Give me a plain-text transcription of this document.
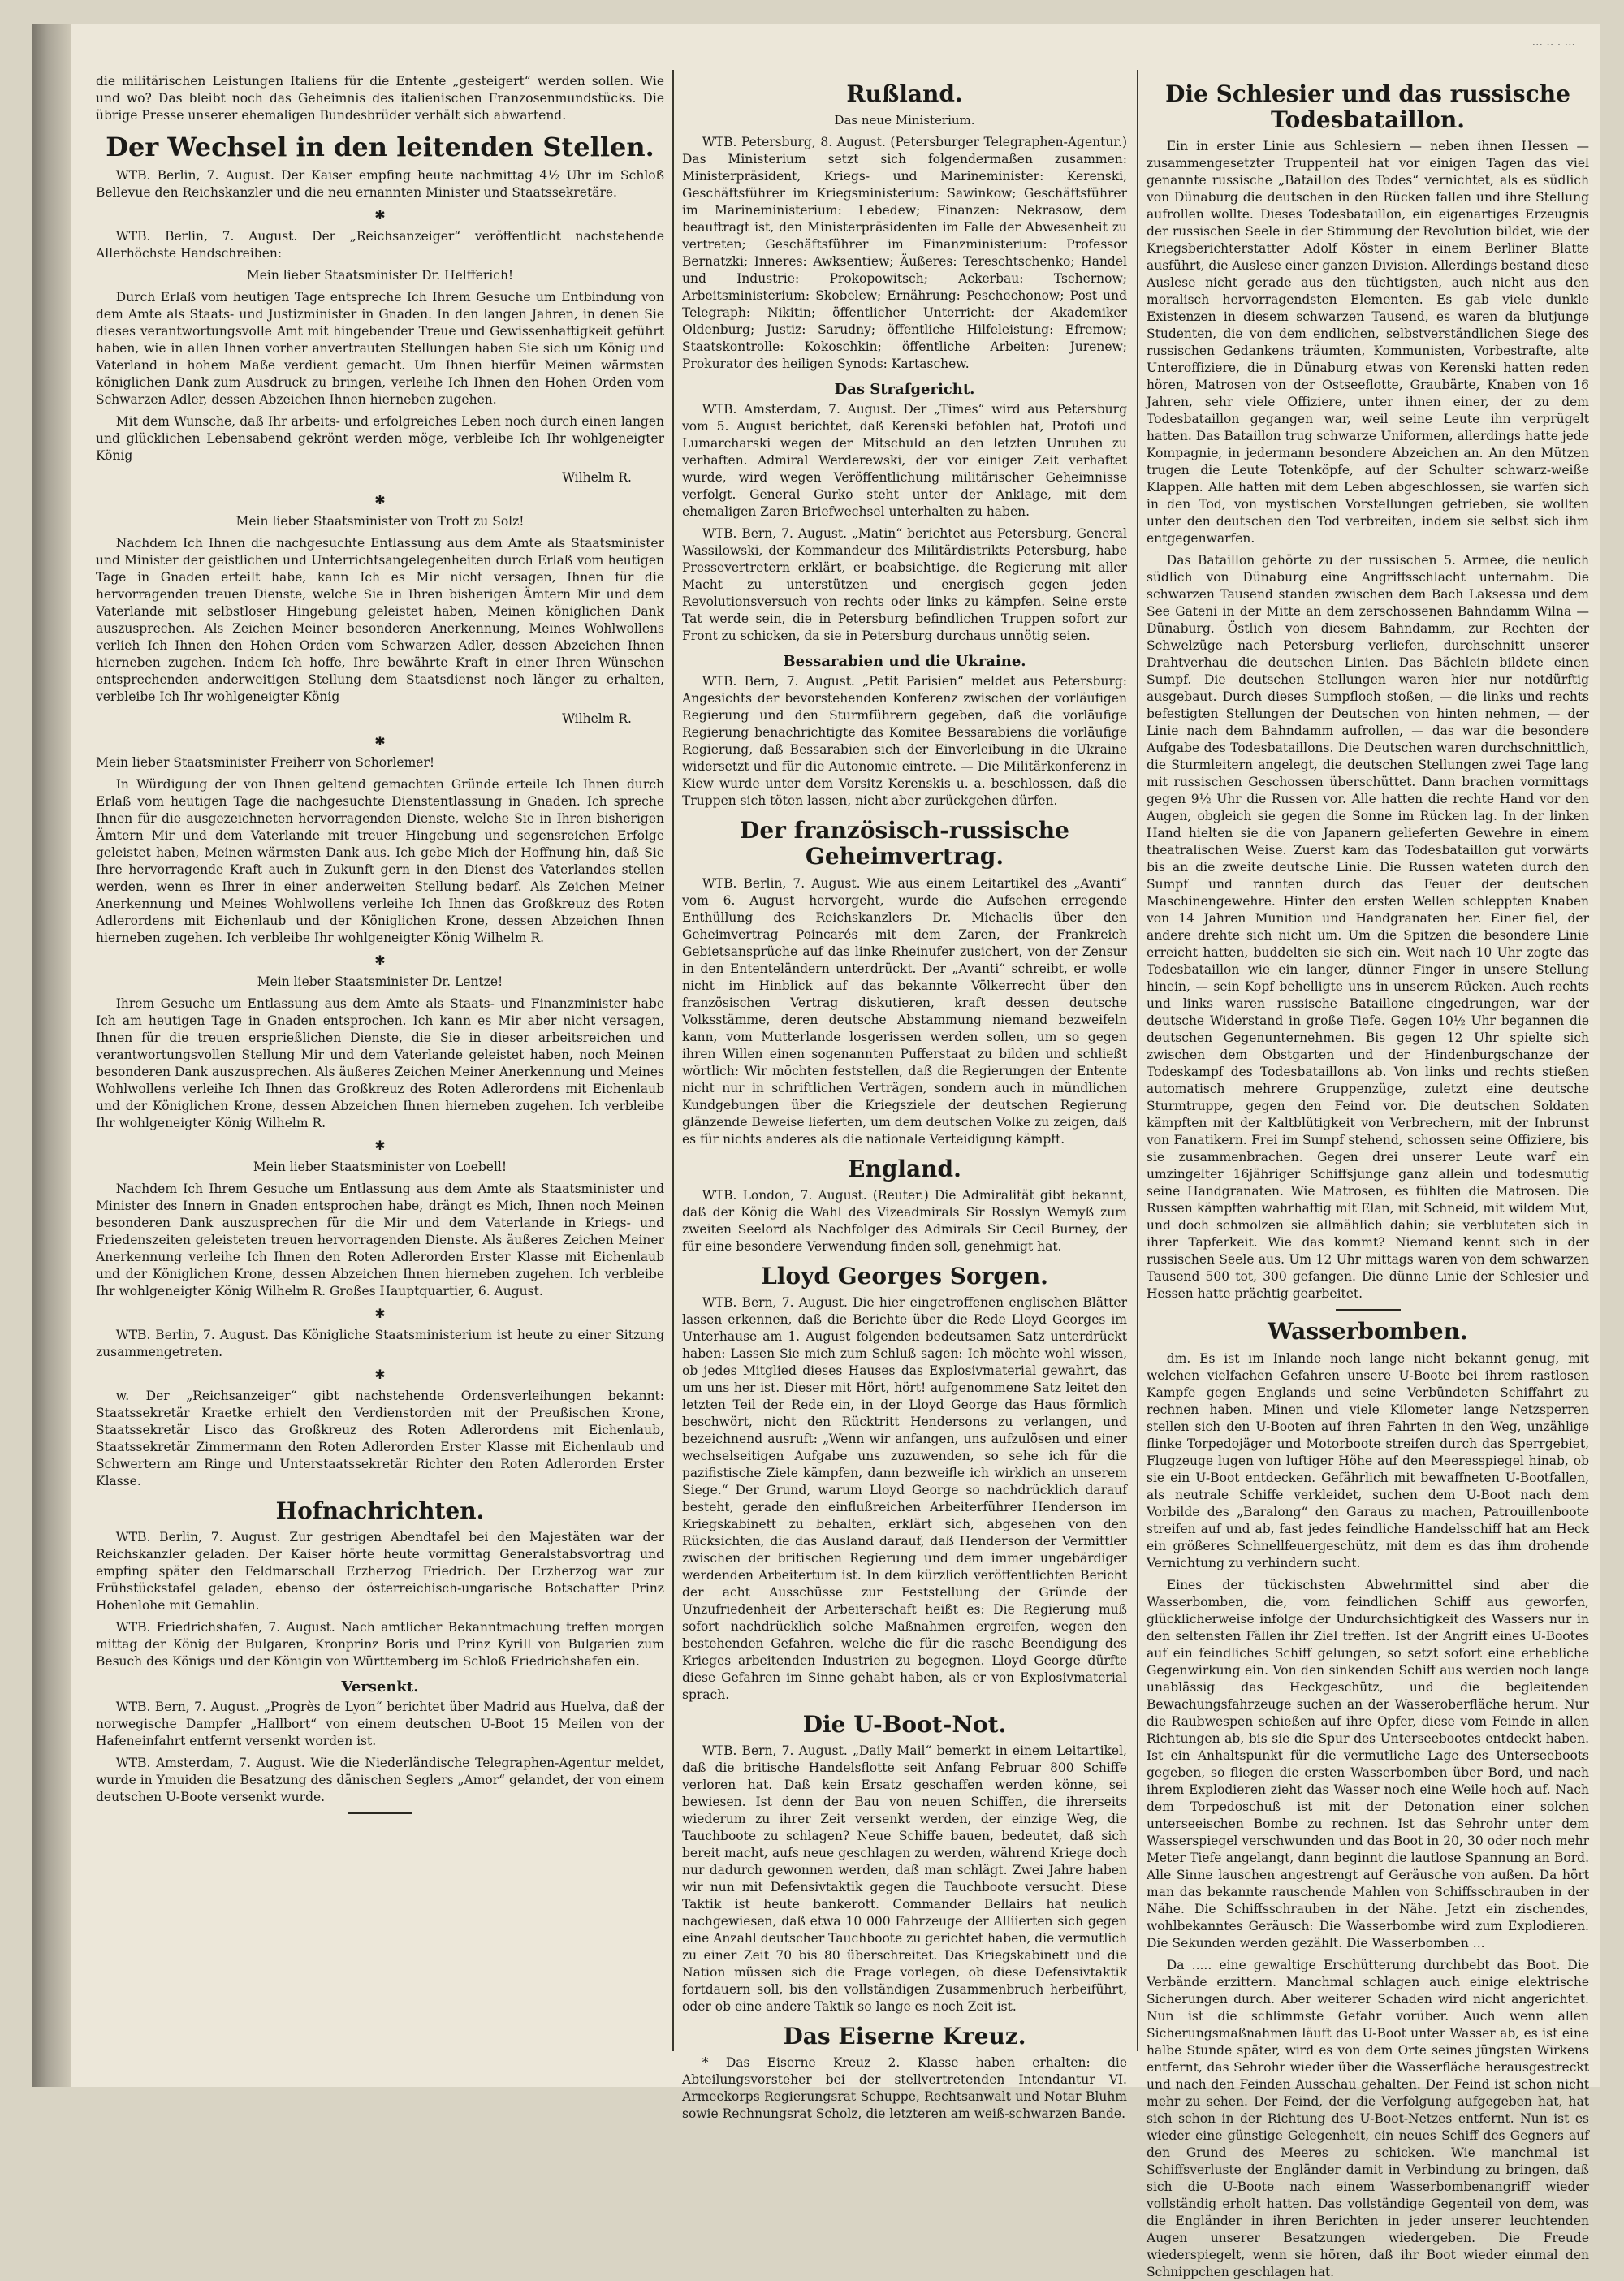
... .. . ...

die militärischen Leistungen Italiens für die Entente „gesteigert“ werden sollen. Wie und wo? Das bleibt noch das Geheimnis des italienischen Franzosenmundstücks. Die übrige Presse unserer ehemaligen Bundesbrüder verhält sich abwartend.

Der Wechsel in den leitenden Stellen.

WTB. Berlin, 7. August. Der Kaiser empfing heute nachmittag 4½ Uhr im Schloß Bellevue den Reichskanzler und die neu ernannten Minister und Staatssekretäre.

✱

WTB. Berlin, 7. August. Der „Reichsanzeiger“ veröffentlicht nachstehende Allerhöchste Handschreiben:

Mein lieber Staatsminister Dr. Helfferich!

Durch Erlaß vom heutigen Tage entspreche Ich Ihrem Gesuche um Entbindung von dem Amte als Staats- und Justizminister in Gnaden. In den langen Jahren, in denen Sie dieses verantwortungsvolle Amt mit hingebender Treue und Gewissenhaftigkeit geführt haben, wie in allen Ihnen vorher anvertrauten Stellungen haben Sie sich um König und Vaterland in hohem Maße verdient gemacht. Um Ihnen hierfür Meinen wärmsten königlichen Dank zum Ausdruck zu bringen, verleihe Ich Ihnen den Hohen Orden vom Schwarzen Adler, dessen Abzeichen Ihnen hierneben zugehen.

Mit dem Wunsche, daß Ihr arbeits- und erfolgreiches Leben noch durch einen langen und glücklichen Lebensabend gekrönt werden möge, verbleibe Ich Ihr wohlgeneigter König

Wilhelm R.
✱

Mein lieber Staatsminister von Trott zu Solz!

Nachdem Ich Ihnen die nachgesuchte Entlassung aus dem Amte als Staatsminister und Minister der geistlichen und Unterrichtsangelegenheiten durch Erlaß vom heutigen Tage in Gnaden erteilt habe, kann Ich es Mir nicht versagen, Ihnen für die hervorragenden treuen Dienste, welche Sie in Ihren bisherigen Ämtern Mir und dem Vaterlande mit selbstloser Hingebung geleistet haben, Meinen königlichen Dank auszusprechen. Als Zeichen Meiner besonderen Anerkennung, Meines Wohlwollens verlieh Ich Ihnen den Hohen Orden vom Schwarzen Adler, dessen Abzeichen Ihnen hierneben zugehen. Indem Ich hoffe, Ihre bewährte Kraft in einer Ihren Wünschen entsprechenden anderweitigen Stellung dem Staatsdienst noch länger zu erhalten, verbleibe Ich Ihr wohlgeneigter König

Wilhelm R.
✱

Mein lieber Staatsminister Freiherr von Schorlemer!

In Würdigung der von Ihnen geltend gemachten Gründe erteile Ich Ihnen durch Erlaß vom heutigen Tage die nachgesuchte Dienstentlassung in Gnaden. Ich spreche Ihnen für die ausgezeichneten hervorragenden Dienste, welche Sie in Ihren bisherigen Ämtern Mir und dem Vaterlande mit treuer Hingebung und segensreichen Erfolge geleistet haben, Meinen wärmsten Dank aus. Ich gebe Mich der Hoffnung hin, daß Sie Ihre hervorragende Kraft auch in Zukunft gern in den Dienst des Vaterlandes stellen werden, wenn es Ihrer in einer anderweiten Stellung bedarf. Als Zeichen Meiner Anerkennung und Meines Wohlwollens verleihe Ich Ihnen das Großkreuz des Roten Adlerordens mit Eichenlaub und der Königlichen Krone, dessen Abzeichen Ihnen hierneben zugehen. Ich verbleibe Ihr wohlgeneigter König Wilhelm R.

✱

Mein lieber Staatsminister Dr. Lentze!

Ihrem Gesuche um Entlassung aus dem Amte als Staats- und Finanzminister habe Ich am heutigen Tage in Gnaden entsprochen. Ich kann es Mir aber nicht versagen, Ihnen für die treuen ersprießlichen Dienste, die Sie in dieser arbeitsreichen und verantwortungsvollen Stellung Mir und dem Vaterlande geleistet haben, noch Meinen besonderen Dank auszusprechen. Als äußeres Zeichen Meiner Anerkennung und Meines Wohlwollens verleihe Ich Ihnen das Großkreuz des Roten Adlerordens mit Eichenlaub und der Königlichen Krone, dessen Abzeichen Ihnen hierneben zugehen. Ich verbleibe Ihr wohlgeneigter König Wilhelm R.

✱

Mein lieber Staatsminister von Loebell!

Nachdem Ich Ihrem Gesuche um Entlassung aus dem Amte als Staatsminister und Minister des Innern in Gnaden entsprochen habe, drängt es Mich, Ihnen noch Meinen besonderen Dank auszusprechen für die Mir und dem Vaterlande in Kriegs- und Friedenszeiten geleisteten treuen hervorragenden Dienste. Als äußeres Zeichen Meiner Anerkennung verleihe Ich Ihnen den Roten Adlerorden Erster Klasse mit Eichenlaub und der Königlichen Krone, dessen Abzeichen Ihnen hierneben zugehen. Ich verbleibe Ihr wohlgeneigter König Wilhelm R. Großes Hauptquartier, 6. August.

✱

WTB. Berlin, 7. August. Das Königliche Staatsministerium ist heute zu einer Sitzung zusammengetreten.

✱

w. Der „Reichsanzeiger“ gibt nachstehende Ordensverleihungen bekannt: Staatssekretär Kraetke erhielt den Verdienstorden mit der Preußischen Krone, Staatssekretär Lisco das Großkreuz des Roten Adlerordens mit Eichenlaub, Staatssekretär Zimmermann den Roten Adlerorden Erster Klasse mit Eichenlaub und Schwertern am Ringe und Unterstaatssekretär Richter den Roten Adlerorden Erster Klasse.

Hofnachrichten.

WTB. Berlin, 7. August. Zur gestrigen Abendtafel bei den Majestäten war der Reichskanzler geladen. Der Kaiser hörte heute vormittag Generalstabsvortrag und empfing später den Feldmarschall Erzherzog Friedrich. Der Erzherzog war zur Frühstückstafel geladen, ebenso der österreichisch-ungarische Botschafter Prinz Hohenlohe mit Gemahlin.

WTB. Friedrichshafen, 7. August. Nach amtlicher Bekanntmachung treffen morgen mittag der König der Bulgaren, Kronprinz Boris und Prinz Kyrill von Bulgarien zum Besuch des Königs und der Königin von Württemberg im Schloß Friedrichshafen ein.

Versenkt.

WTB. Bern, 7. August. „Progrès de Lyon“ berichtet über Madrid aus Huelva, daß der norwegische Dampfer „Hallbort“ von einem deutschen U-Boot 15 Meilen von der Hafeneinfahrt entfernt versenkt worden ist.

WTB. Amsterdam, 7. August. Wie die Niederländische Telegraphen-Agentur meldet, wurde in Ymuiden die Besatzung des dänischen Seglers „Amor“ gelandet, der von einem deutschen U-Boote versenkt wurde.

Rußland.
Das neue Ministerium.

WTB. Petersburg, 8. August. (Petersburger Telegraphen-Agentur.) Das Ministerium setzt sich folgendermaßen zusammen: Ministerpräsident, Kriegs- und Marineminister: Kerenski, Geschäftsführer im Kriegsministerium: Sawinkow; Geschäftsführer im Marineministerium: Lebedew; Finanzen: Nekrasow, dem beauftragt ist, den Ministerpräsidenten im Falle der Abwesenheit zu vertreten; Geschäftsführer im Finanzministerium: Professor Bernatzki; Inneres: Awksentiew; Äußeres: Tereschtschenko; Handel und Industrie: Prokopowitsch; Ackerbau: Tschernow; Arbeitsministerium: Skobelew; Ernährung: Peschechonow; Post und Telegraph: Nikitin; öffentlicher Unterricht: der Akademiker Oldenburg; Justiz: Sarudny; öffentliche Hilfeleistung: Efremow; Staatskontrolle: Kokoschkin; öffentliche Arbeiten: Jurenew; Prokurator des heiligen Synods: Kartaschew.

Das Strafgericht.

WTB. Amsterdam, 7. August. Der „Times“ wird aus Petersburg vom 5. August berichtet, daß Kerenski befohlen hat, Protofi und Lumarcharski wegen der Mitschuld an den letzten Unruhen zu verhaften. Admiral Werderewski, der vor einiger Zeit verhaftet wurde, wird wegen Veröffentlichung militärischer Geheimnisse verfolgt. General Gurko steht unter der Anklage, mit dem ehemaligen Zaren Briefwechsel unterhalten zu haben.

WTB. Bern, 7. August. „Matin“ berichtet aus Petersburg, General Wassilowski, der Kommandeur des Militärdistrikts Petersburg, habe Pressevertretern erklärt, er beabsichtige, die Regierung mit aller Macht zu unterstützen und energisch gegen jeden Revolutionsversuch von rechts oder links zu kämpfen. Seine erste Tat werde sein, die in Petersburg befindlichen Truppen sofort zur Front zu schicken, da sie in Petersburg durchaus unnötig seien.

Bessarabien und die Ukraine.

WTB. Bern, 7. August. „Petit Parisien“ meldet aus Petersburg: Angesichts der bevorstehenden Konferenz zwischen der vorläufigen Regierung und den Sturmführern gegeben, daß die vorläufige Regierung benachrichtigte das Komitee Bessarabiens die vorläufige Regierung, daß Bessarabien sich der Einverleibung in die Ukraine widersetzt und für die Autonomie eintrete. — Die Militärkonferenz in Kiew wurde unter dem Vorsitz Kerenskis u. a. beschlossen, daß die Truppen sich töten lassen, nicht aber zurückgehen dürfen.

Der französisch-russische Geheimvertrag.

WTB. Berlin, 7. August. Wie aus einem Leitartikel des „Avanti“ vom 6. August hervorgeht, wurde die Aufsehen erregende Enthüllung des Reichskanzlers Dr. Michaelis über den Geheimvertrag Poincarés mit dem Zaren, der Frankreich Gebietsansprüche auf das linke Rheinufer zusichert, von der Zensur in den Ententeländern unterdrückt. Der „Avanti“ schreibt, er wolle nicht im Hinblick auf das bekannte Völkerrecht über den französischen Vertrag diskutieren, kraft dessen deutsche Volksstämme, deren deutsche Abstammung niemand bezweifeln kann, vom Mutterlande losgerissen werden sollen, um so gegen ihren Willen einen sogenannten Pufferstaat zu bilden und schließt wörtlich: Wir möchten feststellen, daß die Regierungen der Entente nicht nur in schriftlichen Verträgen, sondern auch in mündlichen Kundgebungen über die Kriegsziele der deutschen Regierung glänzende Beweise lieferten, um dem deutschen Volke zu zeigen, daß es für nichts anderes als die nationale Verteidigung kämpft.

England.

WTB. London, 7. August. (Reuter.) Die Admiralität gibt bekannt, daß der König die Wahl des Vizeadmirals Sir Rosslyn Wemyß zum zweiten Seelord als Nachfolger des Admirals Sir Cecil Burney, der für eine besondere Verwendung finden soll, genehmigt hat.

Lloyd Georges Sorgen.

WTB. Bern, 7. August. Die hier eingetroffenen englischen Blätter lassen erkennen, daß die Berichte über die Rede Lloyd Georges im Unterhause am 1. August folgenden bedeutsamen Satz unterdrückt haben: Lassen Sie mich zum Schluß sagen: Ich möchte wohl wissen, ob jedes Mitglied dieses Hauses das Explosivmaterial gewahrt, das um uns her ist. Dieser mit Hört, hört! aufgenommene Satz leitet den letzten Teil der Rede ein, in der Lloyd George das Haus förmlich beschwört, nicht den Rücktritt Hendersons zu verlangen, und bezeichnend ausruft: „Wenn wir anfangen, uns aufzulösen und einer wechselseitigen Aufgabe uns zuzuwenden, so sehe ich für die pazifistische Ziele kämpfen, dann bezweifle ich wirklich an unserem Siege.“ Der Grund, warum Lloyd George so nachdrücklich darauf besteht, gerade den einflußreichen Arbeiterführer Henderson im Kriegskabinett zu behalten, erklärt sich, abgesehen von den Rücksichten, die das Ausland darauf, daß Henderson der Vermittler zwischen der britischen Regierung und dem immer ungebärdiger werdenden Arbeitertum ist. In dem kürzlich veröffentlichten Bericht der acht Ausschüsse zur Feststellung der Gründe der Unzufriedenheit der Arbeiterschaft heißt es: Die Regierung muß sofort nachdrücklich solche Maßnahmen ergreifen, wegen den bestehenden Gefahren, welche die für die rasche Beendigung des Krieges arbeitenden Industrien zu begegnen. Lloyd George dürfte diese Gefahren im Sinne gehabt haben, als er von Explosivmaterial sprach.

Die U-Boot-Not.

WTB. Bern, 7. August. „Daily Mail“ bemerkt in einem Leitartikel, daß die britische Handelsflotte seit Anfang Februar 800 Schiffe verloren hat. Daß kein Ersatz geschaffen werden könne, sei bewiesen. Ist denn der Bau von neuen Schiffen, die ihrerseits wiederum zu ihrer Zeit versenkt werden, der einzige Weg, die Tauchboote zu schlagen? Neue Schiffe bauen, bedeutet, daß sich bereit macht, aufs neue geschlagen zu werden, während Kriege doch nur dadurch gewonnen werden, daß man schlägt. Zwei Jahre haben wir nun mit Defensivtaktik gegen die Tauchboote versucht. Diese Taktik ist heute bankerott. Commander Bellairs hat neulich nachgewiesen, daß etwa 10 000 Fahrzeuge der Alliierten sich gegen eine Anzahl deutscher Tauchboote zu gerichtet haben, die vermutlich zu einer Zeit 70 bis 80 überschreitet. Das Kriegskabinett und die Nation müssen sich die Frage vorlegen, ob diese Defensivtaktik fortdauern soll, bis den vollständigen Zusammenbruch herbeiführt, oder ob eine andere Taktik so lange es noch Zeit ist.

Das Eiserne Kreuz.

* Das Eiserne Kreuz 2. Klasse haben erhalten: die Abteilungsvorsteher bei der stellvertretenden Intendantur VI. Armeekorps Regierungsrat Schuppe, Rechtsanwalt und Notar Bluhm sowie Rechnungsrat Scholz, die letzteren am weiß-schwarzen Bande.

Die Schlesier und das russische Todesbataillon.

Ein in erster Linie aus Schlesiern — neben ihnen Hessen — zusammengesetzter Truppenteil hat vor einigen Tagen das viel genannte russische „Bataillon des Todes“ vernichtet, als es südlich von Dünaburg die deutschen in den Rücken fallen und ihre Stellung aufrollen wollte. Dieses Todesbataillon, ein eigenartiges Erzeugnis der russischen Seele in der Stimmung der Revolution bildet, wie der Kriegsberichterstatter Adolf Köster in einem Berliner Blatte ausführt, die Auslese einer ganzen Division. Allerdings bestand diese Auslese nicht gerade aus den tüchtigsten, auch nicht aus den moralisch hervorragendsten Elementen. Es gab viele dunkle Existenzen in diesem schwarzen Tausend, es waren da blutjunge Studenten, die von dem endlichen, selbstverständlichen Siege des russischen Gedankens träumten, Kommunisten, Vorbestrafte, alte Unteroffiziere, die in Dünaburg etwas von Kerenski hatten reden hören, Matrosen von der Ostseeflotte, Graubärte, Knaben von 16 Jahren, sehr viele Offiziere, unter ihnen einer, der zu dem Todesbataillon gegangen war, weil seine Leute ihn verprügelt hatten. Das Bataillon trug schwarze Uniformen, allerdings hatte jede Kompagnie, in jedermann besondere Abzeichen an. An den Mützen trugen die Leute Totenköpfe, auf der Schulter schwarz-weiße Klappen. Alle hatten mit dem Leben abgeschlossen, sie warfen sich in den Tod, von mystischen Vorstellungen getrieben, sie wollten unter den deutschen den Tod verbreiten, indem sie selbst sich ihm entgegenwarfen.

Das Bataillon gehörte zu der russischen 5. Armee, die neulich südlich von Dünaburg eine Angriffsschlacht unternahm. Die schwarzen Tausend standen zwischen dem Bach Laksessa und dem See Gateni in der Mitte an dem zerschossenen Bahndamm Wilna — Dünaburg. Östlich von diesem Bahndamm, zur Rechten der Schwelzüge nach Petersburg verliefen, durchschnitt unserer Drahtverhau die deutschen Linien. Das Bächlein bildete einen Sumpf. Die deutschen Stellungen waren hier nur notdürftig ausgebaut. Durch dieses Sumpfloch stoßen, — die links und rechts befestigten Stellungen der Deutschen von hinten nehmen, — der Linie nach dem Bahndamm aufrollen, — das war die besondere Aufgabe des Todesbataillons. Die Deutschen waren durchschnittlich, die Sturmleitern angelegt, die deutschen Stellungen zwei Tage lang mit russischen Geschossen überschüttet. Dann brachen vormittags gegen 9½ Uhr die Russen vor. Alle hatten die rechte Hand vor den Augen, obgleich sie gegen die Sonne im Rücken lag. In der linken Hand hielten sie die von Japanern gelieferten Gewehre in einem theatralischen Weise. Zuerst kam das Todesbataillon gut vorwärts bis an die zweite deutsche Linie. Die Russen wateten durch den Sumpf und rannten durch das Feuer der deutschen Maschinengewehre. Hinter den ersten Wellen schleppten Knaben von 14 Jahren Munition und Handgranaten her. Einer fiel, der andere drehte sich nicht um. Um die Spitzen die besondere Linie erreicht hatten, buddelten sie sich ein. Weit nach 10 Uhr zogte das Todesbataillon wie ein langer, dünner Finger in unsere Stellung hinein, — sein Kopf behelligte uns in unserem Rücken. Auch rechts und links waren russische Bataillone eingedrungen, war der deutsche Widerstand in große Tiefe. Gegen 10½ Uhr begannen die deutschen Gegenunternehmen. Bis gegen 12 Uhr spielte sich zwischen dem Obstgarten und der Hindenburgschanze der Todeskampf des Todesbataillons ab. Von links und rechts stießen automatisch mehrere Gruppenzüge, zuletzt eine deutsche Sturmtruppe, gegen den Feind vor. Die deutschen Soldaten kämpften mit der Kaltblütigkeit von Verbrechern, mit der Inbrunst von Fanatikern. Frei im Sumpf stehend, schossen seine Offiziere, bis sie zusammenbrachen. Gegen drei unserer Leute warf ein umzingelter 16jähriger Schiffsjunge ganz allein und todesmutig seine Handgranaten. Wie Matrosen, es fühlten die Matrosen. Die Russen kämpften wahrhaftig mit Elan, mit Schneid, mit wildem Mut, und doch schmolzen sie allmählich dahin; sie verbluteten sich in ihrer Tapferkeit. Wie das kommt? Niemand kennt sich in der russischen Seele aus. Um 12 Uhr mittags waren von dem schwarzen Tausend 500 tot, 300 gefangen. Die dünne Linie der Schlesier und Hessen hatte prächtig gearbeitet.

Wasserbomben.

dm. Es ist im Inlande noch lange nicht bekannt genug, mit welchen vielfachen Gefahren unsere U-Boote bei ihrem rastlosen Kampfe gegen Englands und seine Verbündeten Schiffahrt zu rechnen haben. Minen und viele Kilometer lange Netzsperren stellen sich den U-Booten auf ihren Fahrten in den Weg, unzählige flinke Torpedojäger und Motorboote streifen durch das Sperrgebiet, Flugzeuge lugen von luftiger Höhe auf den Meeresspiegel hinab, ob sie ein U-Boot entdecken. Gefährlich mit bewaffneten U-Bootfallen, als neutrale Schiffe verkleidet, suchen dem U-Boot nach dem Vorbilde des „Baralong“ den Garaus zu machen, Patrouillenboote streifen auf und ab, fast jedes feindliche Handelsschiff hat am Heck ein größeres Schnellfeuergeschütz, mit dem es das ihm drohende Vernichtung zu verhindern sucht.

Eines der tückischsten Abwehrmittel sind aber die Wasserbomben, die, vom feindlichen Schiff aus geworfen, glücklicherweise infolge der Undurchsichtigkeit des Wassers nur in den seltensten Fällen ihr Ziel treffen. Ist der Angriff eines U-Bootes auf ein feindliches Schiff gelungen, so setzt sofort eine erhebliche Gegenwirkung ein. Von den sinkenden Schiff aus werden noch lange unablässig das Heckgeschütz, und die begleitenden Bewachungsfahrzeuge suchen an der Wasseroberfläche herum. Nur die Raubwespen schießen auf ihre Opfer, diese vom Feinde in allen Richtungen ab, bis sie die Spur des Unterseebootes entdeckt haben. Ist ein Anhaltspunkt für die vermutliche Lage des Unterseeboots gegeben, so fliegen die ersten Wasserbomben über Bord, und nach ihrem Explodieren zieht das Wasser noch eine Weile hoch auf. Nach dem Torpedoschuß ist mit der Detonation einer solchen unterseeischen Bombe zu rechnen. Ist das Sehrohr unter dem Wasserspiegel verschwunden und das Boot in 20, 30 oder noch mehr Meter Tiefe angelangt, dann beginnt die lautlose Spannung an Bord. Alle Sinne lauschen angestrengt auf Geräusche von außen. Da hört man das bekannte rauschende Mahlen von Schiffsschrauben in der Nähe. Die Schiffsschrauben in der Nähe. Jetzt ein zischendes, wohlbekanntes Geräusch: Die Wasserbombe wird zum Explodieren. Die Sekunden werden gezählt. Die Wasserbomben ...

Da ..... eine gewaltige Erschütterung durchbebt das Boot. Die Verbände erzittern. Manchmal schlagen auch einige elektrische Sicherungen durch. Aber weiterer Schaden wird nicht angerichtet. Nun ist die schlimmste Gefahr vorüber. Auch wenn allen Sicherungsmaßnahmen läuft das U-Boot unter Wasser ab, es ist eine halbe Stunde später, wird es von dem Orte seines jüngsten Wirkens entfernt, das Sehrohr wieder über die Wasserfläche herausgestreckt und nach den Feinden Ausschau gehalten. Der Feind ist schon nicht mehr zu sehen. Der Feind, der die Verfolgung aufgegeben hat, hat sich schon in der Richtung des U-Boot-Netzes entfernt. Nun ist es wieder eine günstige Gelegenheit, ein neues Schiff des Gegners auf den Grund des Meeres zu schicken. Wie manchmal ist Schiffsverluste der Engländer damit in Verbindung zu bringen, daß sich die U-Boote nach einem Wasserbombenangriff wieder vollständig erholt hatten. Das vollständige Gegenteil von dem, was die Engländer in ihren Berichten in jeder unserer leuchtenden Augen unserer Besatzungen wiedergeben. Die Freude wiederspiegelt, wenn sie hören, daß ihr Boot wieder einmal den Schnippchen geschlagen hat.
